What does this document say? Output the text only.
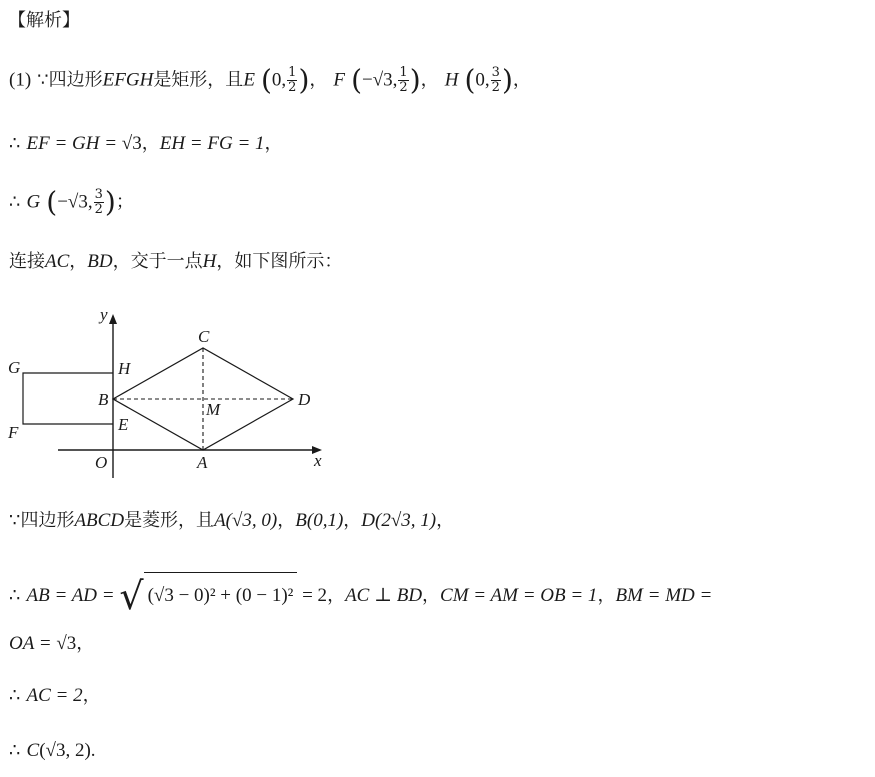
【解析】
(1) ∵四边形EFGH是矩形，且E (0, $\frac{1}{2}$ )， F (−√3, $\frac{1}{2}$ )， H (0, $\frac{3}{2}$ )，
∴ EF = GH = √3，EH = FG = 1，
∴ G (−√3, $\frac{3}{2}$ )；
连接AC，BD，交于一点H，如下图所示：
y
x
O
G
F
H
B
E
C
D
M
A
∵四边形ABCD是菱形，且A(√3, 0)，B(0,1)，D(2√3, 1)，
∴ AB = AD = √ (√3 − 0)² + (0 − 1)² = 2，AC ⊥ BD，CM = AM = OB = 1，BM = MD =
OA = √3，
∴ AC = 2，
∴ C(√3, 2).
